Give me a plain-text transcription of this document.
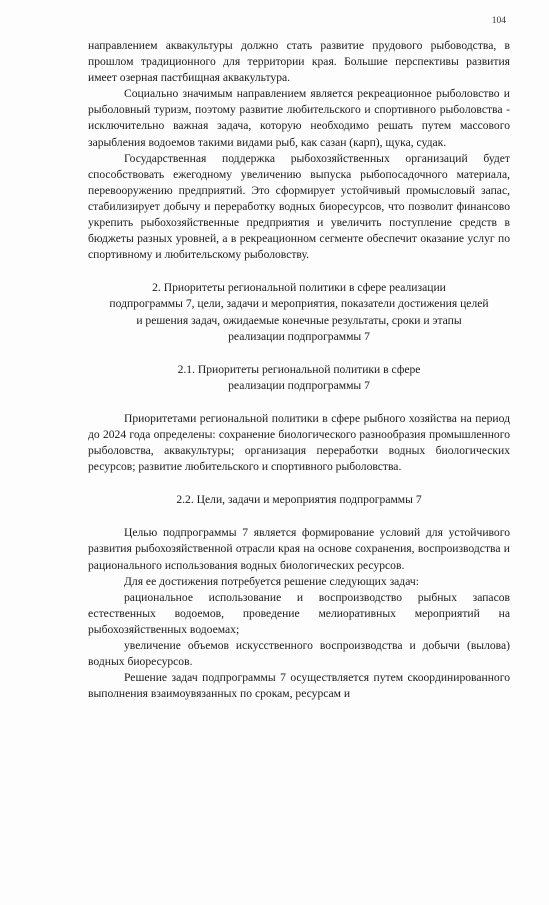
104

направлением аквакультуры должно стать развитие прудового рыбоводства, в прошлом традиционного для территории края. Большие перспективы развития имеет озерная пастбищная аквакультура.

Социально значимым направлением является рекреационное рыболовство и рыболовный туризм, поэтому развитие любительского и спортивного рыболовства - исключительно важная задача, которую необходимо решать путем массового зарыбления водоемов такими видами рыб, как сазан (карп), щука, судак.

Государственная поддержка рыбохозяйственных организаций будет способствовать ежегодному увеличению выпуска рыбопосадочного материала, перевооружению предприятий. Это сформирует устойчивый промысловый запас, стабилизирует добычу и переработку водных биоресурсов, что позволит финансово укрепить рыбохозяйственные предприятия и увеличить поступление средств в бюджеты разных уровней, а в рекреационном сегменте обеспечит оказание услуг по спортивному и любительскому рыболовству.

2. Приоритеты региональной политики в сфере реализации

подпрограммы 7, цели, задачи и мероприятия, показатели достижения целей

и решения задач, ожидаемые конечные результаты, сроки и этапы

реализации подпрограммы 7

2.1. Приоритеты региональной политики в сфере

реализации подпрограммы 7

Приоритетами региональной политики в сфере рыбного хозяйства на период до 2024 года определены: сохранение биологического разнообразия промышленного рыболовства, аквакультуры; организация переработки водных биологических ресурсов; развитие любительского и спортивного рыболовства.

2.2. Цели, задачи и мероприятия подпрограммы 7

Целью подпрограммы 7 является формирование условий для устойчивого развития рыбохозяйственной отрасли края на основе сохранения, воспроизводства и рационального использования водных биологических ресурсов.

Для ее достижения потребуется решение следующих задач:

рациональное использование и воспроизводство рыбных запасов естественных водоемов, проведение мелиоративных мероприятий на рыбохозяйственных водоемах;

увеличение объемов искусственного воспроизводства и добычи (вылова) водных биоресурсов.

Решение задач подпрограммы 7 осуществляется путем скоординированного выполнения взаимоувязанных по срокам, ресурсам и
